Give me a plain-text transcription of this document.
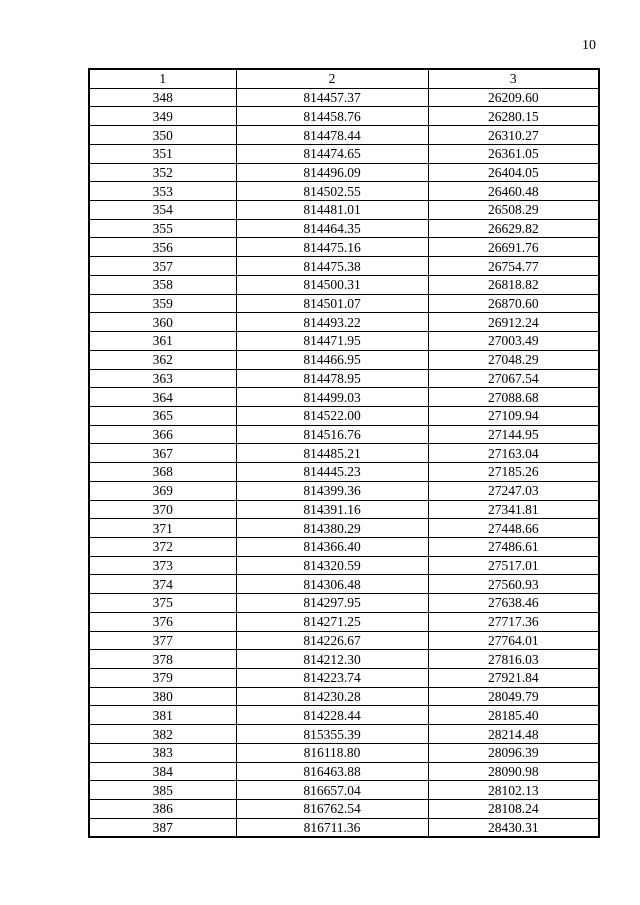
10
1	2	3
348	814457.37	26209.60
349	814458.76	26280.15
350	814478.44	26310.27
351	814474.65	26361.05
352	814496.09	26404.05
353	814502.55	26460.48
354	814481.01	26508.29
355	814464.35	26629.82
356	814475.16	26691.76
357	814475.38	26754.77
358	814500.31	26818.82
359	814501.07	26870.60
360	814493.22	26912.24
361	814471.95	27003.49
362	814466.95	27048.29
363	814478.95	27067.54
364	814499.03	27088.68
365	814522.00	27109.94
366	814516.76	27144.95
367	814485.21	27163.04
368	814445.23	27185.26
369	814399.36	27247.03
370	814391.16	27341.81
371	814380.29	27448.66
372	814366.40	27486.61
373	814320.59	27517.01
374	814306.48	27560.93
375	814297.95	27638.46
376	814271.25	27717.36
377	814226.67	27764.01
378	814212.30	27816.03
379	814223.74	27921.84
380	814230.28	28049.79
381	814228.44	28185.40
382	815355.39	28214.48
383	816118.80	28096.39
384	816463.88	28090.98
385	816657.04	28102.13
386	816762.54	28108.24
387	816711.36	28430.31
